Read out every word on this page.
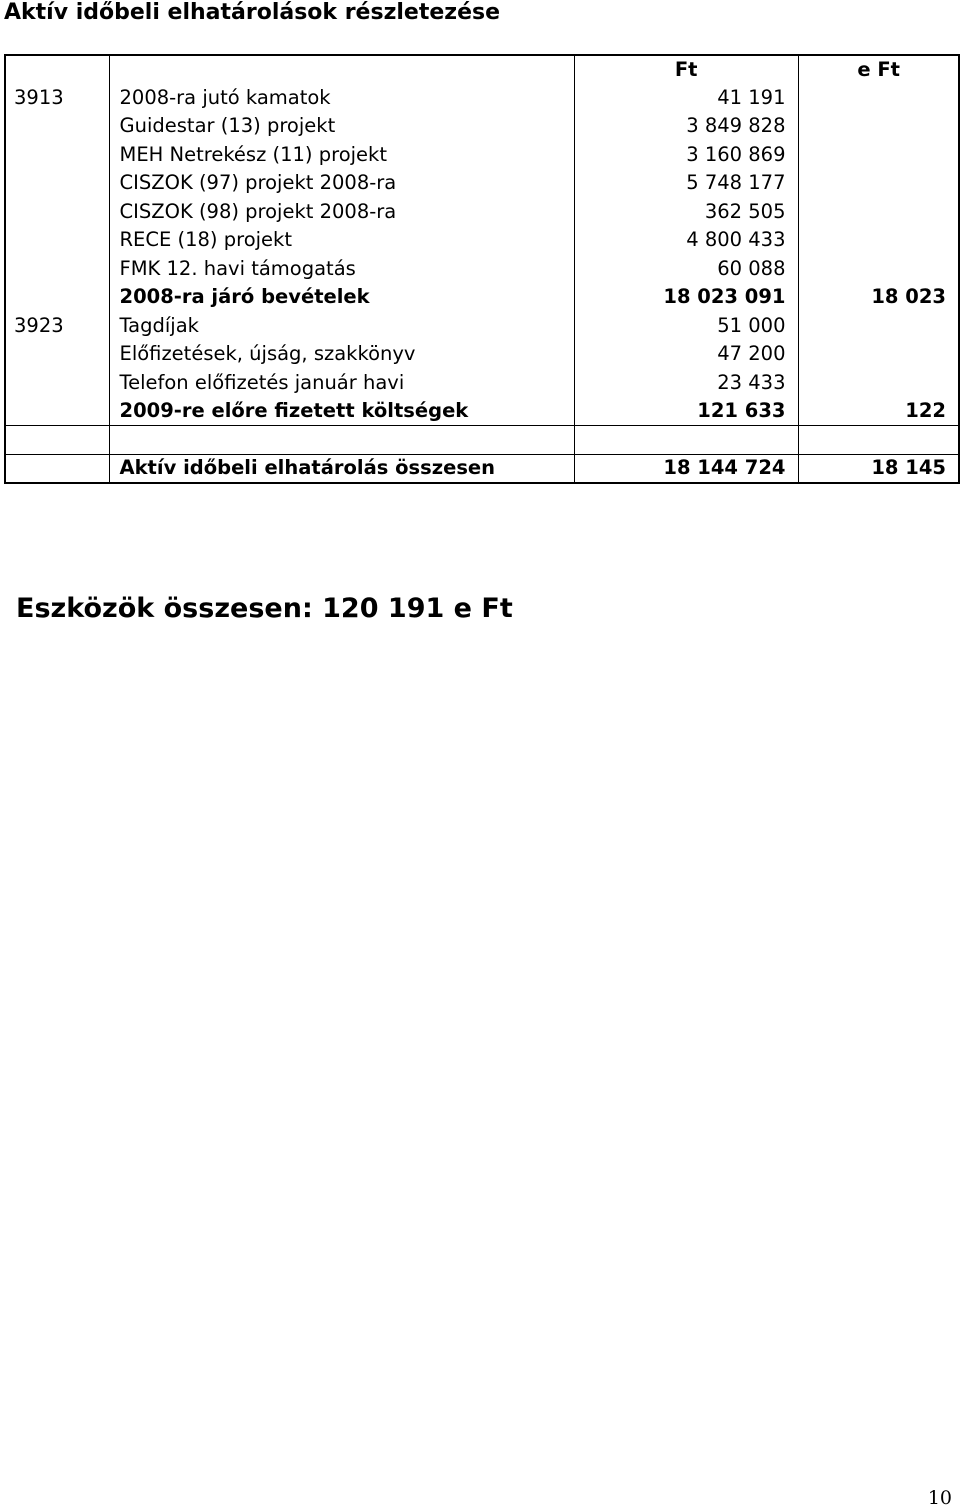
Aktív időbeli elhatárolások részletezése
		Ft	e Ft
3913	2008-ra jutó kamatok	41 191	
	Guidestar (13) projekt	3 849 828	
	MEH Netrekész (11) projekt	3 160 869	
	CISZOK (97) projekt 2008-ra	5 748 177	
	CISZOK (98) projekt 2008-ra	362 505	
	RECE (18) projekt	4 800 433	
	FMK 12. havi támogatás	60 088	
	2008-ra járó bevételek	18 023 091	18 023
3923	Tagdíjak	51 000	
	Előfizetések, újság, szakkönyv	47 200	
	Telefon előfizetés január havi	23 433	
	2009-re előre fizetett költségek	121 633	122

	Aktív időbeli elhatárolás összesen	18 144 724	18 145
Eszközök összesen: 120 191 e Ft
10
